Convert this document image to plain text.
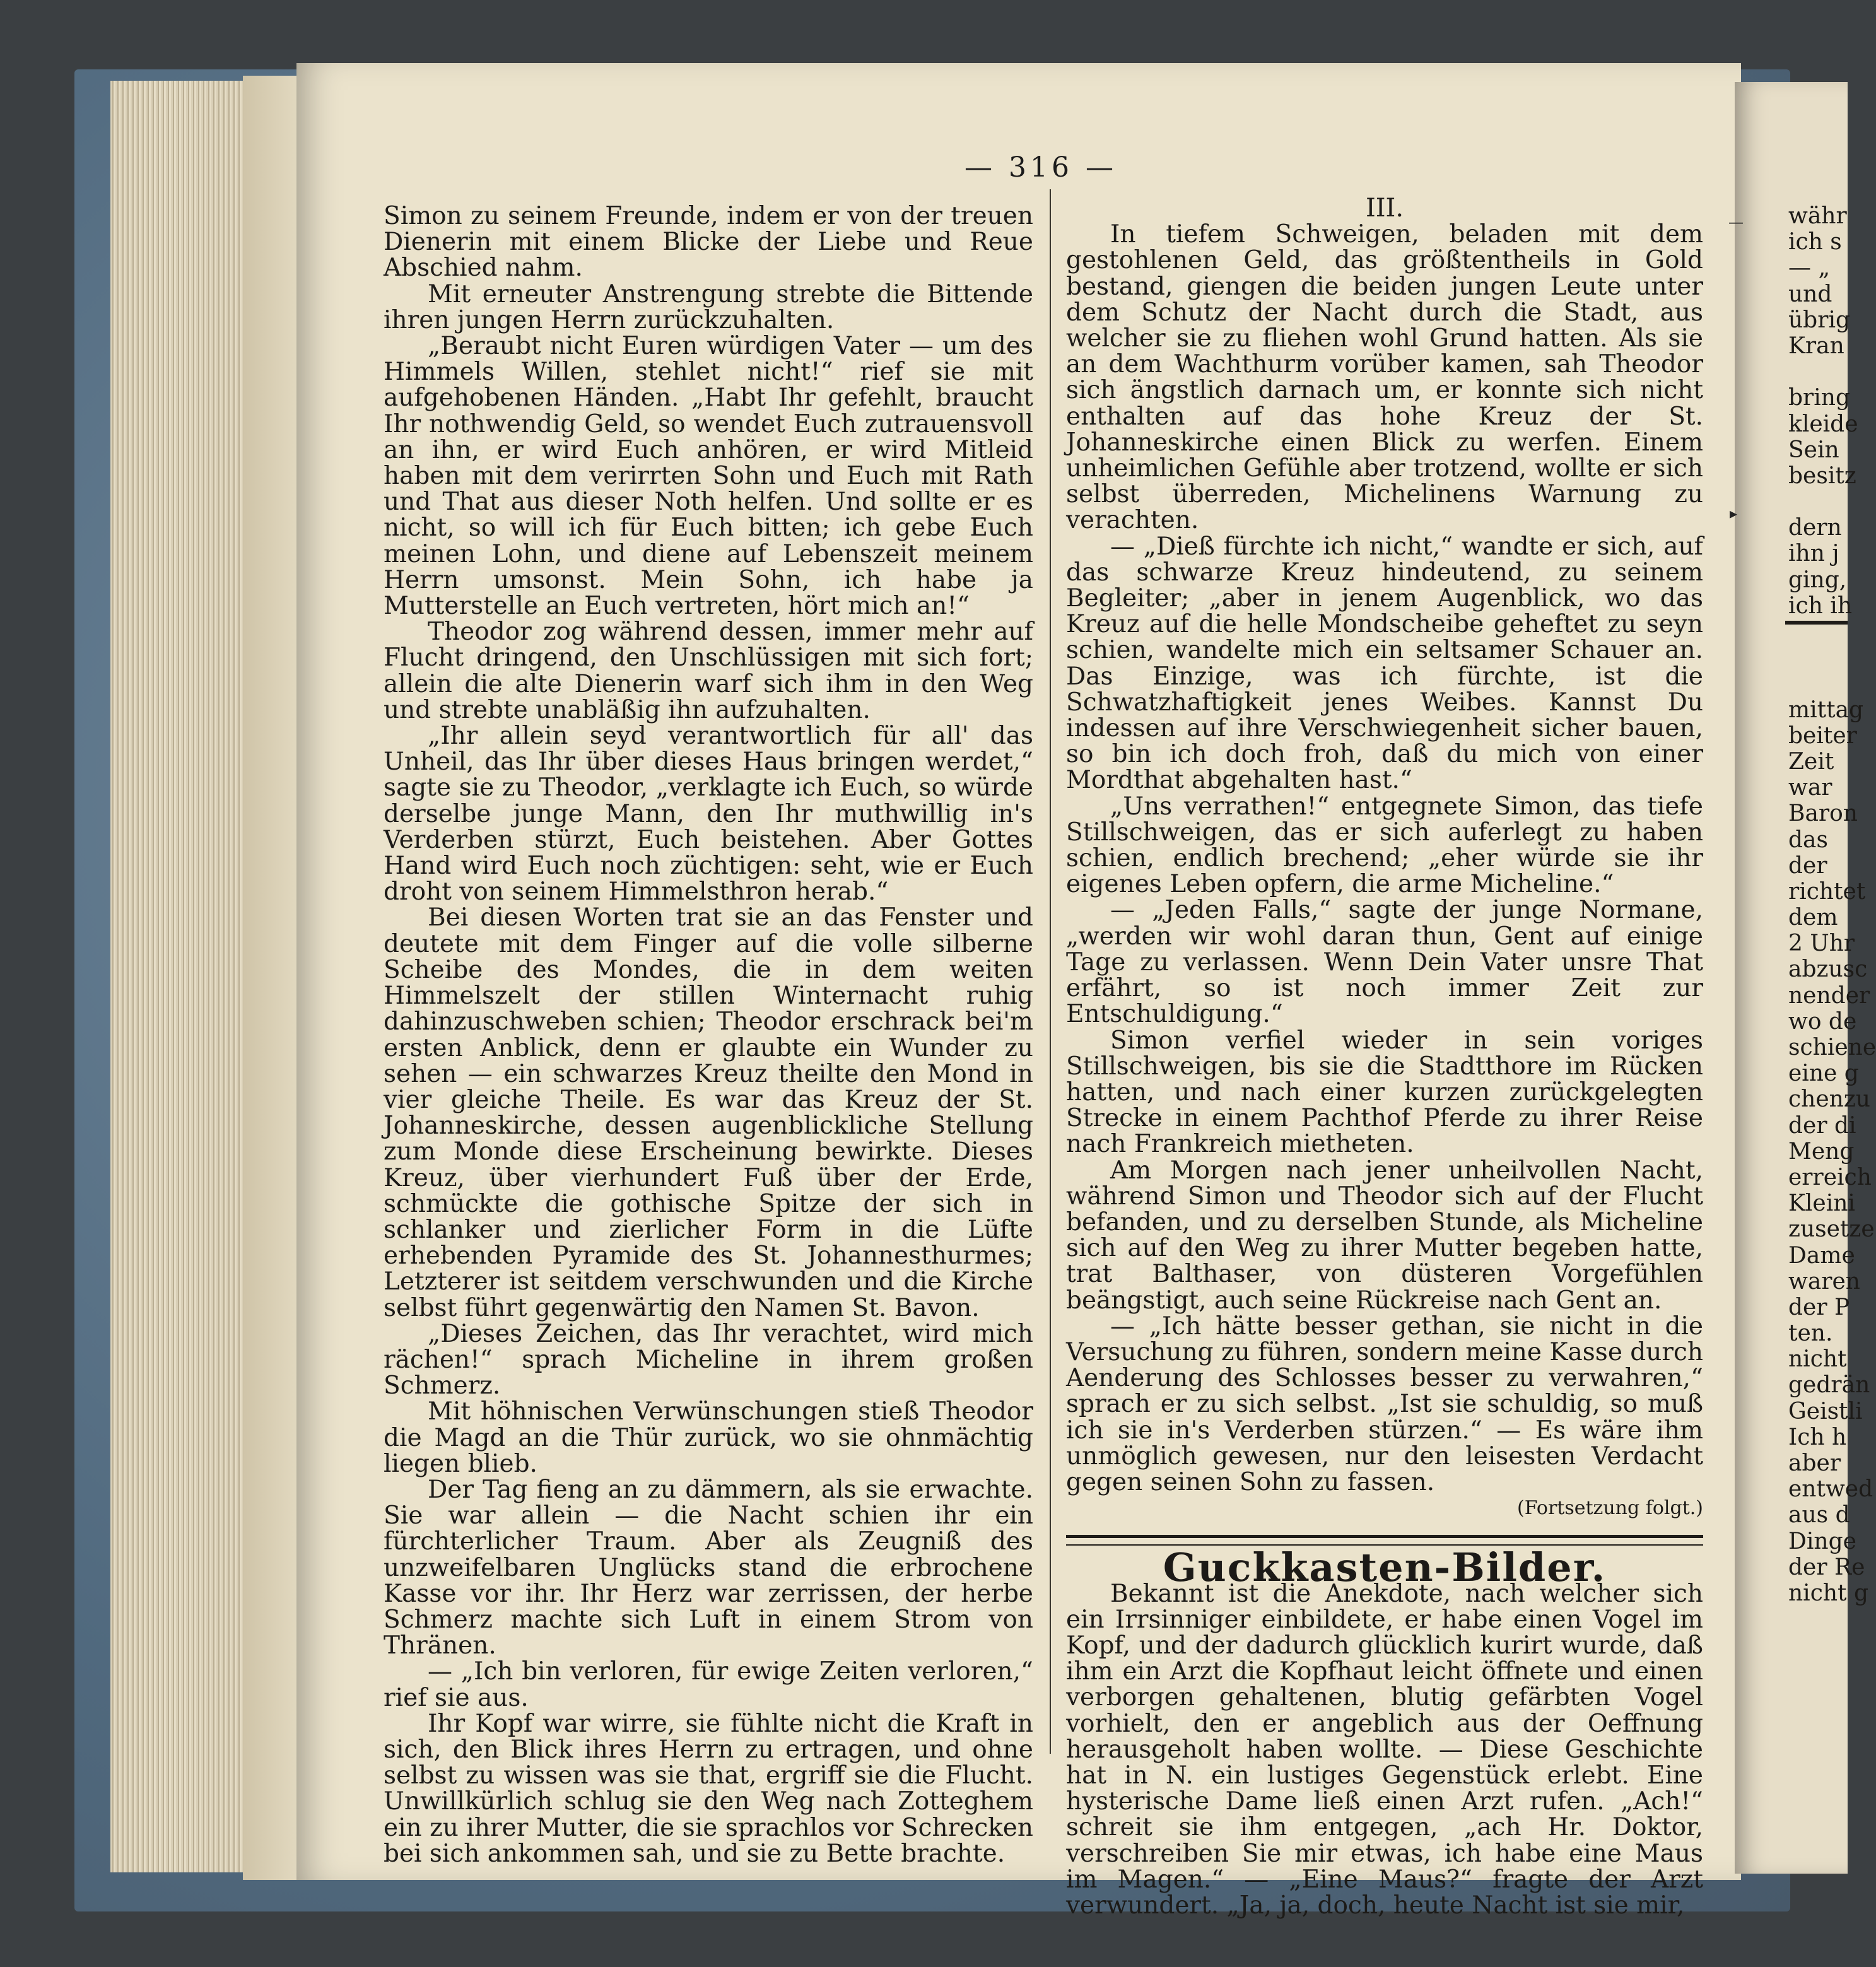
— 316 —

Simon zu seinem Freunde, indem er von der treuen Dienerin mit einem Blicke der Liebe und Reue Abschied nahm.

Mit erneuter Anstrengung strebte die Bittende ihren jungen Herrn zurückzuhalten.

„Beraubt nicht Euren würdigen Vater — um des Himmels Willen, stehlet nicht!“ rief sie mit aufgehobenen Händen. „Habt Ihr gefehlt, braucht Ihr nothwendig Geld, so wendet Euch zutrauensvoll an ihn, er wird Euch anhören, er wird Mitleid haben mit dem verirrten Sohn und Euch mit Rath und That aus dieser Noth helfen. Und sollte er es nicht, so will ich für Euch bitten; ich gebe Euch meinen Lohn, und diene auf Lebenszeit meinem Herrn umsonst. Mein Sohn, ich habe ja Mutterstelle an Euch vertreten, hört mich an!“

Theodor zog während dessen, immer mehr auf Flucht dringend, den Unschlüssigen mit sich fort; allein die alte Dienerin warf sich ihm in den Weg und strebte unabläßig ihn aufzuhalten.

„Ihr allein seyd verantwortlich für all' das Unheil, das Ihr über dieses Haus bringen werdet,“ sagte sie zu Theodor, „verklagte ich Euch, so würde derselbe junge Mann, den Ihr muthwillig in's Verderben stürzt, Euch beistehen. Aber Gottes Hand wird Euch noch züchtigen: seht, wie er Euch droht von seinem Himmelsthron herab.“

Bei diesen Worten trat sie an das Fenster und deutete mit dem Finger auf die volle silberne Scheibe des Mondes, die in dem weiten Himmelszelt der stillen Winternacht ruhig dahinzuschweben schien; Theodor erschrack bei'm ersten Anblick, denn er glaubte ein Wunder zu sehen — ein schwarzes Kreuz theilte den Mond in vier gleiche Theile. Es war das Kreuz der St. Johanneskirche, dessen augenblickliche Stellung zum Monde diese Erscheinung bewirkte. Dieses Kreuz, über vierhundert Fuß über der Erde, schmückte die gothische Spitze der sich in schlanker und zierlicher Form in die Lüfte erhebenden Pyramide des St. Johannesthurmes; Letzterer ist seitdem verschwunden und die Kirche selbst führt gegenwärtig den Namen St. Bavon.

„Dieses Zeichen, das Ihr verachtet, wird mich rächen!“ sprach Micheline in ihrem großen Schmerz.

Mit höhnischen Verwünschungen stieß Theodor die Magd an die Thür zurück, wo sie ohnmächtig liegen blieb.

Der Tag fieng an zu dämmern, als sie erwachte. Sie war allein — die Nacht schien ihr ein fürchterlicher Traum. Aber als Zeugniß des unzweifelbaren Unglücks stand die erbrochene Kasse vor ihr. Ihr Herz war zerrissen, der herbe Schmerz machte sich Luft in einem Strom von Thränen.

— „Ich bin verloren, für ewige Zeiten verloren,“ rief sie aus.

Ihr Kopf war wirre, sie fühlte nicht die Kraft in sich, den Blick ihres Herrn zu ertragen, und ohne selbst zu wissen was sie that, ergriff sie die Flucht. Unwillkürlich schlug sie den Weg nach Zotteghem ein zu ihrer Mutter, die sie sprachlos vor Schrecken bei sich ankommen sah, und sie zu Bette brachte.

III.

In tiefem Schweigen, beladen mit dem gestohlenen Geld, das größtentheils in Gold bestand, giengen die beiden jungen Leute unter dem Schutz der Nacht durch die Stadt, aus welcher sie zu fliehen wohl Grund hatten. Als sie an dem Wachthurm vorüber kamen, sah Theodor sich ängstlich darnach um, er konnte sich nicht enthalten auf das hohe Kreuz der St. Johanneskirche einen Blick zu werfen. Einem unheimlichen Gefühle aber trotzend, wollte er sich selbst überreden, Michelinens Warnung zu verachten.

— „Dieß fürchte ich nicht,“ wandte er sich, auf das schwarze Kreuz hindeutend, zu seinem Begleiter; „aber in jenem Augenblick, wo das Kreuz auf die helle Mondscheibe geheftet zu seyn schien, wandelte mich ein seltsamer Schauer an. Das Einzige, was ich fürchte, ist die Schwatzhaftigkeit jenes Weibes. Kannst Du indessen auf ihre Verschwiegenheit sicher bauen, so bin ich doch froh, daß du mich von einer Mordthat abgehalten hast.“

„Uns verrathen!“ entgegnete Simon, das tiefe Stillschweigen, das er sich auferlegt zu haben schien, endlich brechend; „eher würde sie ihr eigenes Leben opfern, die arme Micheline.“

— „Jeden Falls,“ sagte der junge Normane, „werden wir wohl daran thun, Gent auf einige Tage zu verlassen. Wenn Dein Vater unsre That erfährt, so ist noch immer Zeit zur Entschuldigung.“

Simon verfiel wieder in sein voriges Stillschweigen, bis sie die Stadtthore im Rücken hatten, und nach einer kurzen zurückgelegten Strecke in einem Pachthof Pferde zu ihrer Reise nach Frankreich mietheten.

Am Morgen nach jener unheilvollen Nacht, während Simon und Theodor sich auf der Flucht befanden, und zu derselben Stunde, als Micheline sich auf den Weg zu ihrer Mutter begeben hatte, trat Balthaser, von düsteren Vorgefühlen beängstigt, auch seine Rückreise nach Gent an.

— „Ich hätte besser gethan, sie nicht in die Versuchung zu führen, sondern meine Kasse durch Aenderung des Schlosses besser zu verwahren,“ sprach er zu sich selbst. „Ist sie schuldig, so muß ich sie in's Verderben stürzen.“ — Es wäre ihm unmöglich gewesen, nur den leisesten Verdacht gegen seinen Sohn zu fassen.

(Fortsetzung folgt.)

Guckkasten-Bilder.

Bekannt ist die Anekdote, nach welcher sich ein Irrsinniger einbildete, er habe einen Vogel im Kopf, und der dadurch glücklich kurirt wurde, daß ihm ein Arzt die Kopfhaut leicht öffnete und einen verborgen gehaltenen, blutig gefärbten Vogel vorhielt, den er angeblich aus der Oeffnung herausgeholt haben wollte. — Diese Geschichte hat in N. ein lustiges Gegenstück erlebt. Eine hysterische Dame ließ einen Arzt rufen. „Ach!“ schreit sie ihm entgegen, „ach Hr. Doktor, verschreiben Sie mir etwas, ich habe eine Maus im Magen.“ — „Eine Maus?“ fragte der Arzt verwundert. „Ja, ja, doch, heute Nacht ist sie mir,

währ
ich s
— „
und
übrig
Kran
bring
kleide
Sein
besitz
dern
ihn j
ging,
ich ih
mittag
beiter
Zeit
war
Baron
das
der
richtet
dem
2 Uhr
abzusc
nender
wo de
schiene
eine g
chenzu
der di
Meng
erreich
Kleini
zusetze
Dame
waren
der P
ten.
nicht
gedrän
Geistli
Ich h
aber
entwed
aus d
Dinge
der Re
nicht g
—
▸
